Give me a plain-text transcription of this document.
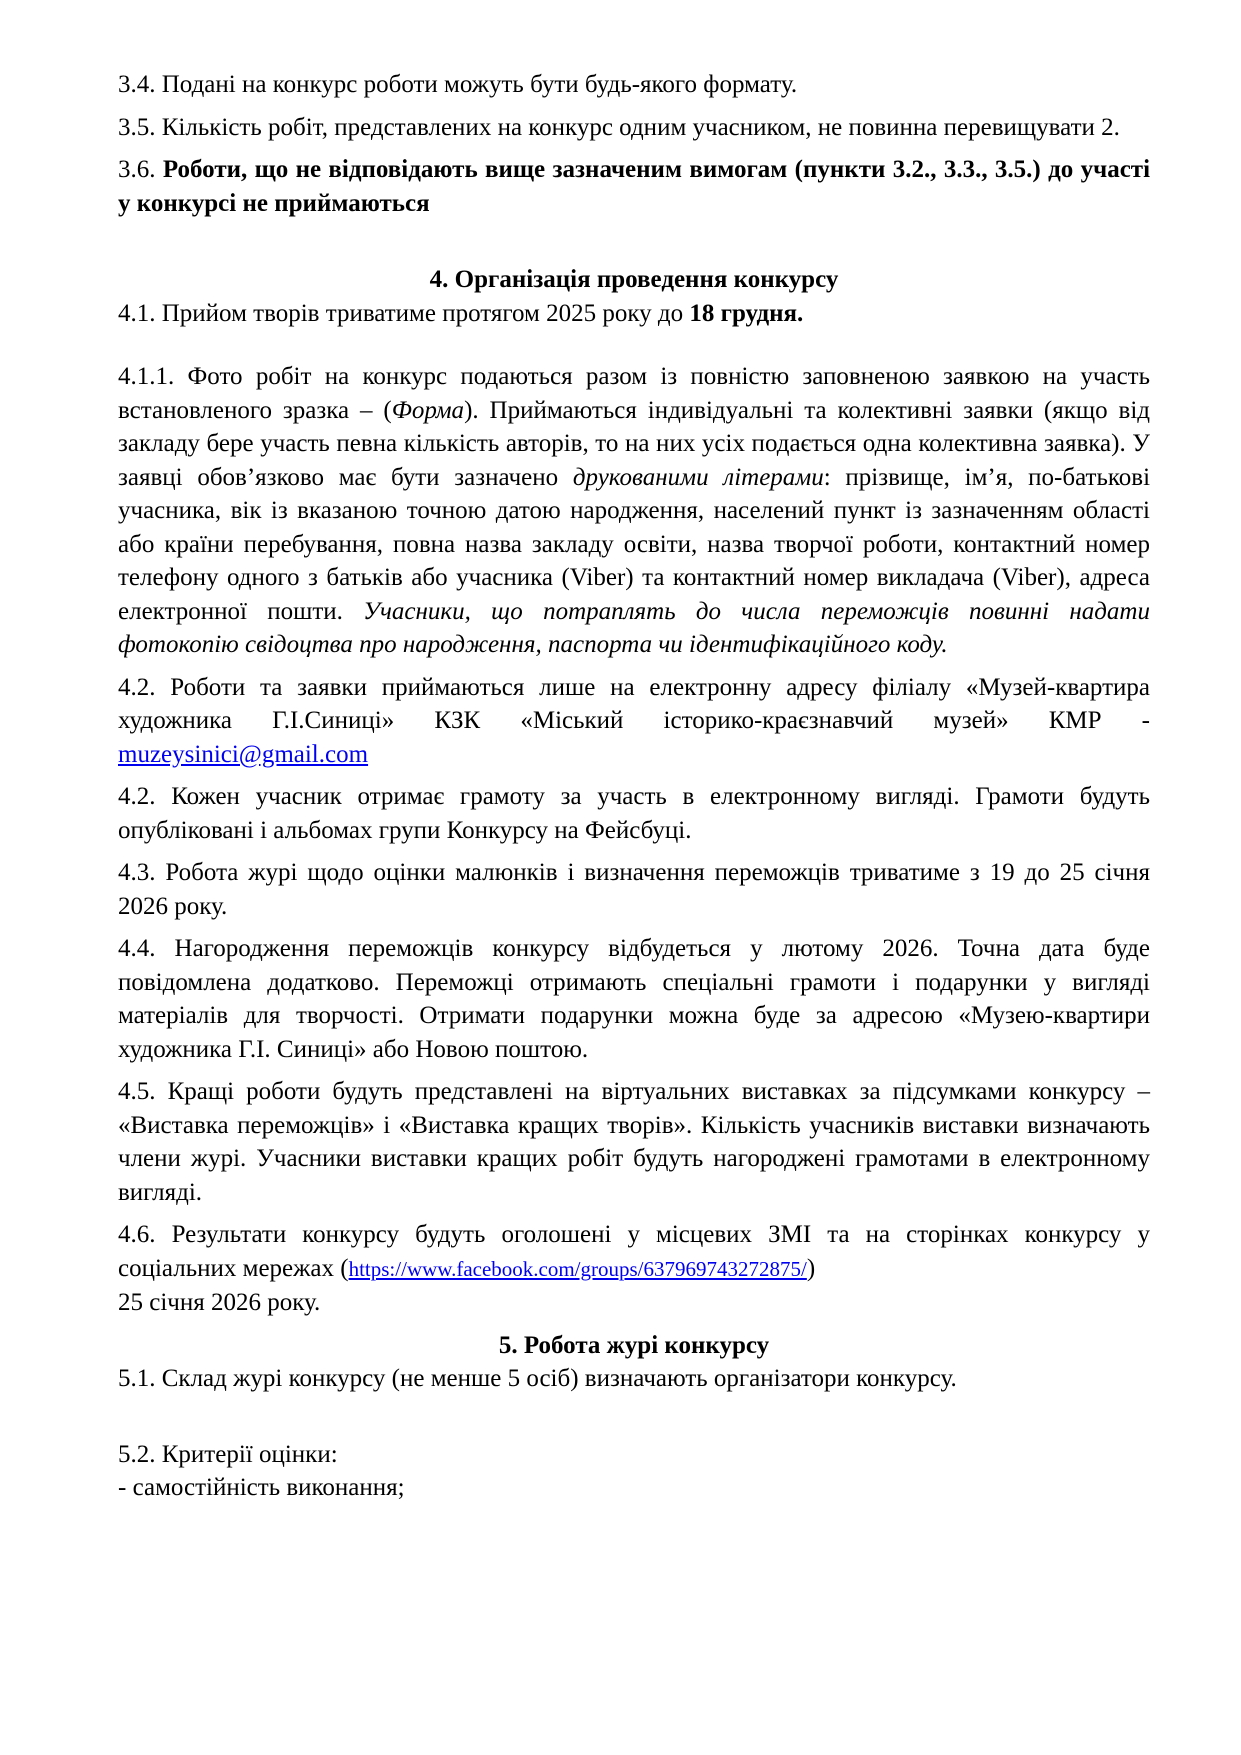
3.4. Подані на конкурс роботи можуть бути будь-якого формату.

3.5. Кількість робіт, представлених на конкурс одним учасником, не повинна перевищувати 2.

3.6. Роботи, що не відповідають вище зазначеним вимогам (пункти 3.2., 3.3., 3.5.) до участі у конкурсі не приймаються

4. Організація проведення конкурсу

4.1. Прийом творів триватиме протягом 2025 року до 18 грудня.

4.1.1. Фото робіт на конкурс подаються разом із повністю заповненою заявкою на участь встановленого зразка – (Форма). Приймаються індивідуальні та колективні заявки (якщо від закладу бере участь певна кількість авторів, то на них усіх подається одна колективна заявка). У заявці обов’язково має бути зазначено друкованими літерами: прізвище, ім’я, по-батькові учасника, вік із вказаною точною датою народження, населений пункт із зазначенням області або країни перебування, повна назва закладу освіти, назва творчої роботи, контактний номер телефону одного з батьків або учасника (Viber) та контактний номер викладача (Viber), адреса електронної пошти. Учасники, що потраплять до числа переможців повинні надати фотокопію свідоцтва про народження, паспорта чи ідентифікаційного коду.

4.2. Роботи та заявки приймаються лише на електронну адресу філіалу «Музей-квартира художника Г.І.Синиці» КЗК «Міський історико-краєзнавчий музей» КМР - muzeysinici@gmail.com

4.2. Кожен учасник отримає грамоту за участь в електронному вигляді. Грамоти будуть опубліковані і альбомах групи Конкурсу на Фейсбуці.

4.3. Робота журі щодо оцінки малюнків і визначення переможців триватиме з 19 до 25 січня 2026 року.

4.4. Нагородження переможців конкурсу відбудеться у лютому 2026. Точна дата буде повідомлена додатково. Переможці отримають спеціальні грамоти і подарунки у вигляді матеріалів для творчості. Отримати подарунки можна буде за адресою «Музею-квартири художника Г.І. Синиці» або Новою поштою.

4.5. Кращі роботи будуть представлені на віртуальних виставках за підсумками конкурсу – «Виставка переможців» і «Виставка кращих творів». Кількість учасників виставки визначають члени журі. Учасники виставки кращих робіт будуть нагороджені грамотами в електронному вигляді.

4.6. Результати конкурсу будуть оголошені у місцевих ЗМІ та на сторінках конкурсу у соціальних мережах (https://www.facebook.com/groups/637969743272875/)

25 січня 2026 року.

5. Робота журі конкурсу

5.1. Склад журі конкурсу (не менше 5 осіб) визначають організатори конкурсу.

5.2. Критерії оцінки:

- самостійність виконання;
